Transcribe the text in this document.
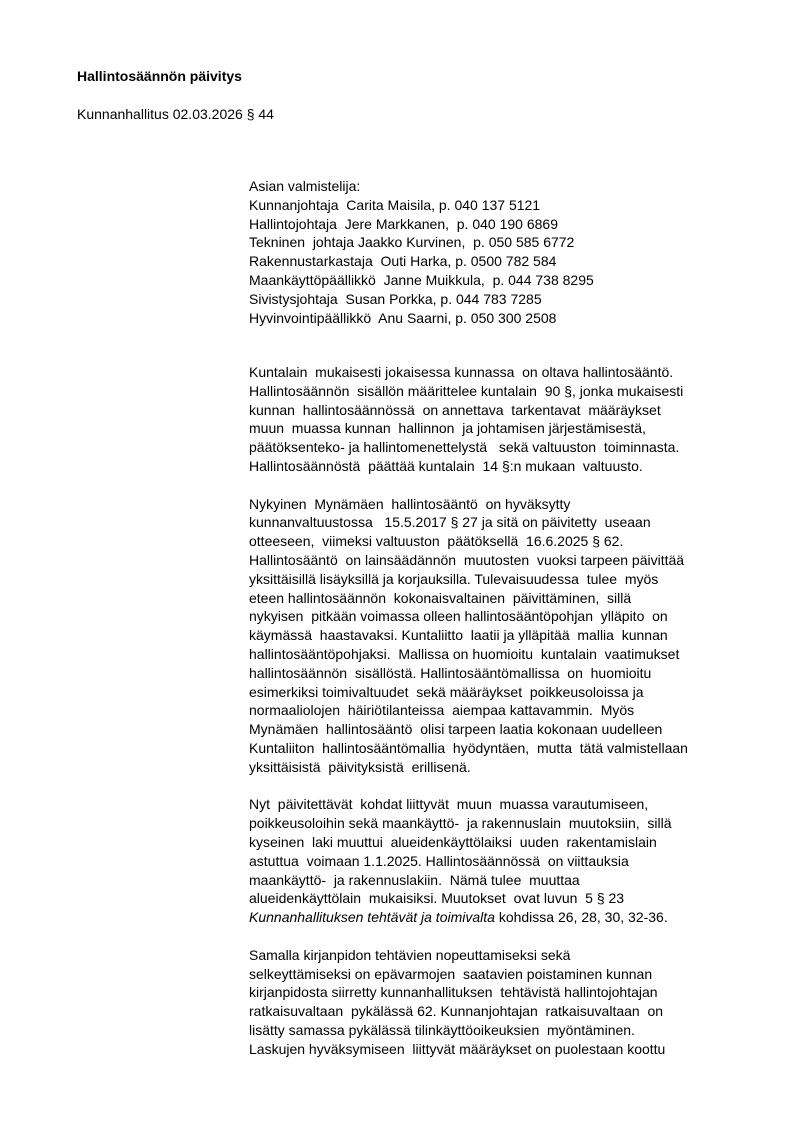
Hallintosäännön päivitys
Kunnanhallitus 02.03.2026 § 44
Asian valmistelija:
Kunnanjohtaja  Carita Maisila, p. 040 137 5121
Hallintojohtaja  Jere Markkanen,  p. 040 190 6869
Tekninen  johtaja Jaakko Kurvinen,  p. 050 585 6772
Rakennustarkastaja  Outi Harka, p. 0500 782 584
Maankäyttöpäällikkö  Janne Muikkula,  p. 044 738 8295
Sivistysjohtaja  Susan Porkka, p. 044 783 7285
Hyvinvointipäällikkö  Anu Saarni, p. 050 300 2508
Kuntalain  mukaisesti jokaisessa kunnassa  on oltava hallintosääntö.
Hallintosäännön  sisällön määrittelee kuntalain  90 §, jonka mukaisesti
kunnan  hallintosäännössä  on annettava  tarkentavat  määräykset
muun  muassa kunnan  hallinnon  ja johtamisen järjestämisestä,
päätöksenteko- ja hallintomenettelystä   sekä valtuuston  toiminnasta.
Hallintosäännöstä  päättää kuntalain  14 §:n mukaan  valtuusto.
Nykyinen  Mynämäen  hallintosääntö  on hyväksytty
kunnanvaltuustossa   15.5.2017 § 27 ja sitä on päivitetty  useaan
otteeseen,  viimeksi valtuuston  päätöksellä  16.6.2025 § 62.
Hallintosääntö  on lainsäädännön  muutosten  vuoksi tarpeen päivittää
yksittäisillä lisäyksillä ja korjauksilla. Tulevaisuudessa  tulee  myös
eteen hallintosäännön  kokonaisvaltainen  päivittäminen,  sillä
nykyisen  pitkään voimassa olleen hallintosääntöpohjan  ylläpito  on
käymässä  haastavaksi. Kuntaliitto  laatii ja ylläpitää  mallia  kunnan
hallintosääntöpohjaksi.  Mallissa on huomioitu  kuntalain  vaatimukset
hallintosäännön  sisällöstä. Hallintosääntömallissa  on  huomioitu
esimerkiksi toimivaltuudet  sekä määräykset  poikkeusoloissa ja
normaaliolojen  häiriötilanteissa  aiempaa kattavammin.  Myös
Mynämäen  hallintosääntö  olisi tarpeen laatia kokonaan uudelleen
Kuntaliiton  hallintosääntömallia  hyödyntäen,  mutta  tätä valmistellaan
yksittäisistä  päivityksistä  erillisenä.
Nyt  päivitettävät  kohdat liittyvät  muun  muassa varautumiseen,
poikkeusoloihin sekä maankäyttö-  ja rakennuslain  muutoksiin,  sillä
kyseinen  laki muuttui  alueidenkäyttölaiksi  uuden  rakentamislain
astuttua  voimaan 1.1.2025. Hallintosäännössä  on viittauksia
maankäyttö-  ja rakennuslakiin.  Nämä tulee  muuttaa
alueidenkäyttölain  mukaisiksi. Muutokset  ovat luvun  5 § 23
Kunnanhallituksen tehtävät ja toimivalta kohdissa 26, 28, 30, 32-36.
Samalla kirjanpidon tehtävien nopeuttamiseksi sekä
selkeyttämiseksi on epävarmojen  saatavien poistaminen kunnan
kirjanpidosta siirretty kunnanhallituksen  tehtävistä hallintojohtajan
ratkaisuvaltaan  pykälässä 62. Kunnanjohtajan  ratkaisuvaltaan  on
lisätty samassa pykälässä tilinkäyttöoikeuksien  myöntäminen.
Laskujen hyväksymiseen  liittyvät määräykset on puolestaan koottu
